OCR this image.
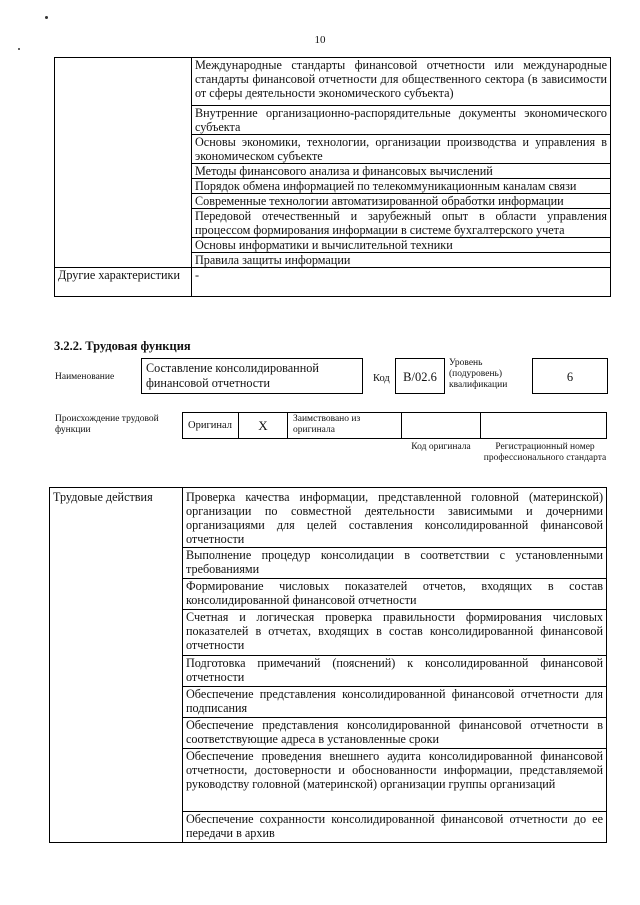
10
	Международные стандарты финансовой отчетности или международные стандарты финансовой отчетности для общественного сектора (в зависимости от сферы деятельности экономического субъекта)
	Внутренние организационно-распорядительные документы экономического субъекта
	Основы экономики, технологии, организации производства и управления в экономическом субъекте
	Методы финансового анализа и финансовых вычислений
	Порядок обмена информацией по телекоммуникационным каналам связи
	Современные технологии автоматизированной обработки информации
	Передовой отечественный и зарубежный опыт в области управления процессом формирования информации в системе бухгалтерского учета
	Основы информатики и вычислительной техники
	Правила защиты информации
Другие характеристики	-
3.2.2. Трудовая функция
Наименование
Составление консолидированной финансовой отчетности	Код	B/02.6
Уровень (подуровень) квалификации
6
Происхождение трудовой функции	Оригинал	X	Заимствовано из оригинала
Код оригинала	Регистрационный номер профессионального стандарта
Трудовые действия	Проверка качества информации, представленной головной (материнской) организации по совместной деятельности зависимыми и дочерними организациями для целей составления консолидированной финансовой отчетности
Выполнение процедур консолидации в соответствии с установленными требованиями
Формирование числовых показателей отчетов, входящих в состав консолидированной финансовой отчетности
Счетная и логическая проверка правильности формирования числовых показателей в отчетах, входящих в состав консолидированной финансовой отчетности
Подготовка примечаний (пояснений) к консолидированной финансовой отчетности
Обеспечение представления консолидированной финансовой отчетности для подписания
Обеспечение представления консолидированной финансовой отчетности в соответствующие адреса в установленные сроки
Обеспечение проведения внешнего аудита консолидированной финансовой отчетности, достоверности и обоснованности информации, представляемой руководству головной (материнской) организации группы организаций
Обеспечение сохранности консолидированной финансовой отчетности до ее передачи в архив
